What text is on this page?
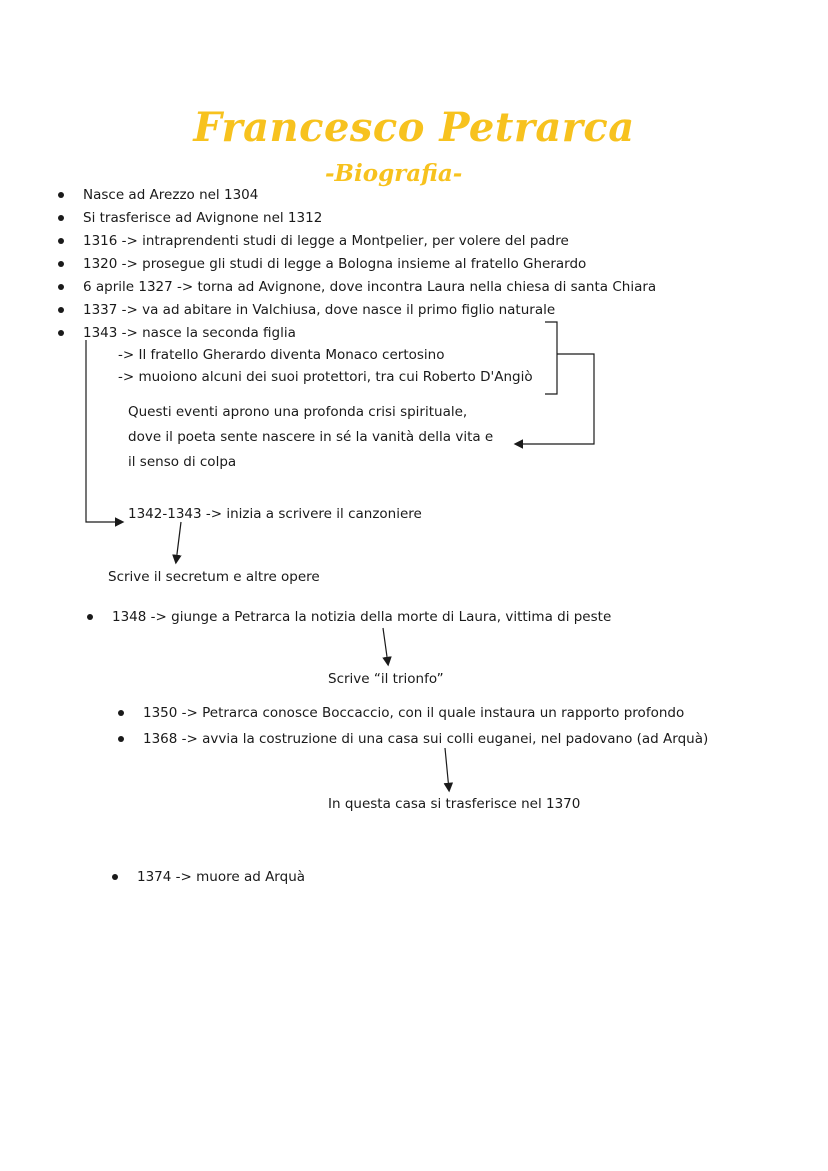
Francesco Petrarca
-Biografia-
Nasce ad Arezzo nel 1304
Si trasferisce ad Avignone nel 1312
1316 -> intraprendenti studi di legge a Montpelier, per volere del padre
1320 -> prosegue gli studi di legge a Bologna insieme al fratello Gherardo
6 aprile 1327 -> torna ad Avignone, dove incontra Laura nella chiesa di santa Chiara
1337 -> va ad abitare in Valchiusa, dove nasce il primo figlio naturale
1343 -> nasce la seconda figlia
-> Il fratello Gherardo diventa Monaco certosino
-> muoiono alcuni dei suoi protettori, tra cui Roberto D'Angiò
Questi eventi aprono una profonda crisi spirituale,
dove il poeta sente nascere in sé la vanità della vita e
il senso di colpa
1342-1343 -> inizia a scrivere il canzoniere
Scrive il secretum e altre opere
1348 -> giunge a Petrarca la notizia della morte di Laura, vittima di peste
Scrive “il trionfo”
1350 -> Petrarca conosce Boccaccio, con il quale instaura un rapporto profondo
1368 -> avvia la costruzione di una casa sui colli euganei, nel padovano (ad Arquà)
In questa casa si trasferisce nel 1370
1374 -> muore ad Arquà
